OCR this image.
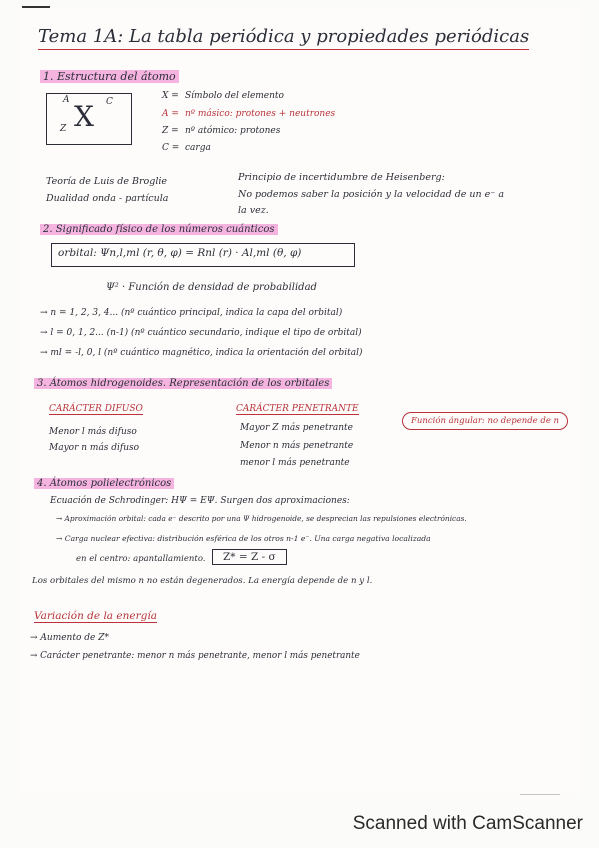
Tema 1A: La tabla periódica y propiedades periódicas
1. Estructura del átomo
X
A	C
Z
X = Símbolo del elemento
A = nº másico: protones + neutrones
Z = nº atómico: protones
C = carga
Teoría de Luis de Broglie
Dualidad onda - partícula
Principio de incertidumbre de Heisenberg:
No podemos saber la posición y la velocidad de un e⁻ a
la vez.
2. Significado físico de los números cuánticos
orbital: Ψn,l,ml (r, θ, φ) = Rnl (r) · Al,ml (θ, φ)
Ψ² · Función de densidad de probabilidad
→ n = 1, 2, 3, 4... (nº cuántico principal, indica la capa del orbital)
→ l = 0, 1, 2... (n-1) (nº cuántico secundario, indique el tipo de orbital)
→ ml = -l, 0, l (nº cuántico magnético, indica la orientación del orbital)
3. Átomos hidrogenoides. Representación de los orbitales
CARÁCTER DIFUSO
Menor l más difuso
Mayor n más difuso
CARÁCTER PENETRANTE
Mayor Z más penetrante
Menor n más penetrante
menor l más penetrante
Función ángular: no depende de n
4. Átomos polielectrónicos
Ecuación de Schrodinger: HΨ = EΨ. Surgen dos aproximaciones:
→ Aproximación orbital: cada e⁻ descrito por una Ψ hidrogenoide, se desprecian las repulsiones electrónicas.
→ Carga nuclear efectiva: distribución esférica de los otros n-1 e⁻. Una carga negativa localizada
en el centro: apantallamiento.	Z* = Z - σ
Los orbitales del mismo n no están degenerados. La energía depende de n y l.
Variación de la energía
→ Aumento de Z*
→ Carácter penetrante: menor n más penetrante, menor l más penetrante
Scanned with CamScanner
